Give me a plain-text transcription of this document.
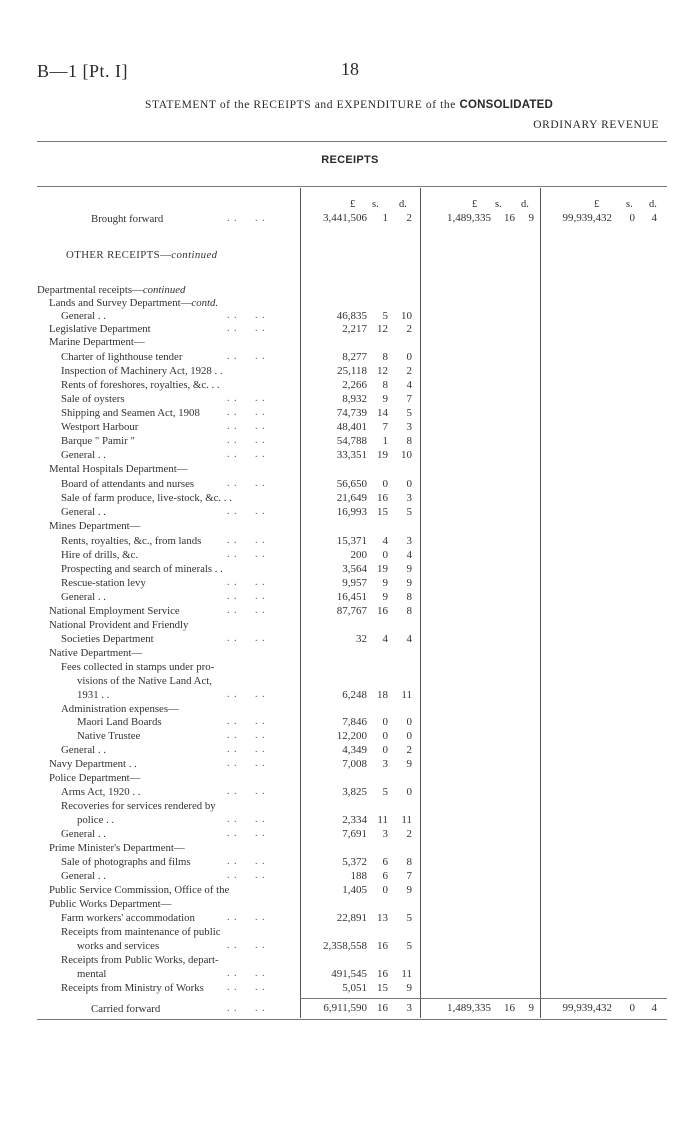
B—1 [Pt. I]	18
STATEMENT of the RECEIPTS and EXPENDITURE of the CONSOLIDATED
ORDINARY REVENUE
RECEIPTS
£ s. d.	£ s. d.	£	s. d.
Brought forward	. .     . .	3,441,506 1 2	1,489,335 16 9	99,939,432 0 4
OTHER RECEIPTS—continued
Departmental receipts—continued
Lands and Survey Department—contd.
General . .	. .     . .	46,835 5 10
Legislative Department	. .     . .	2,217 12 2
Marine Department—
Charter of lighthouse tender	. .     . .	8,277 8 0
Inspection of Machinery Act, 1928 . .	25,118 12 2
Rents of foreshores, royalties, &c. . .	2,266 8 4
Sale of oysters	. .     . .	8,932 9 7
Shipping and Seamen Act, 1908	. .     . .	74,739 14 5
Westport Harbour	. .     . .	48,401 7 3
Barque " Pamir "	. .     . .	54,788 1 8
General . .	. .     . .	33,351 19 10
Mental Hospitals Department—
Board of attendants and nurses	. .     . .	56,650 0 0
Sale of farm produce, live-stock, &c. . .	21,649 16 3
General . .	. .     . .	16,993 15 5
Mines Department—
Rents, royalties, &c., from lands	. .     . .	15,371 4 3
Hire of drills, &c.	. .     . .	200 0 4
Prospecting and search of minerals . .	3,564 19 9
Rescue-station levy	. .     . .	9,957 9 9
General . .	. .     . .	16,451 9 8
National Employment Service	. .     . .	87,767 16 8
National Provident and Friendly
Societies Department	. .     . .	32 4 4
Native Department—
Fees collected in stamps under pro-
visions of the Native Land Act,
1931 . .	. .     . .	6,248 18 11
Administration expenses—
Maori Land Boards	. .     . .	7,846 0 0
Native Trustee	. .     . .	12,200 0 0
General . .	. .     . .	4,349 0 2
Navy Department . .	. .     . .	7,008 3 9
Police Department—
Arms Act, 1920 . .	. .     . .	3,825 5 0
Recoveries for services rendered by
police . .	. .     . .	2,334 11 11
General . .	. .     . .	7,691 3 2
Prime Minister's Department—
Sale of photographs and films	. .     . .	5,372 6 8
General . .	. .     . .	188 6 7
Public Service Commission, Office of the	1,405 0 9
Public Works Department—
Farm workers' accommodation	. .     . .	22,891 13 5
Receipts from maintenance of public
works and services	. .     . .	2,358,558 16 5
Receipts from Public Works, depart-
mental	. .     . .	491,545 16 11
Receipts from Ministry of Works . .     . .	5,051 15 9
Carried forward	. .     . .	6,911,590 16 3	1,489,335 16 9	99,939,432 0 4
